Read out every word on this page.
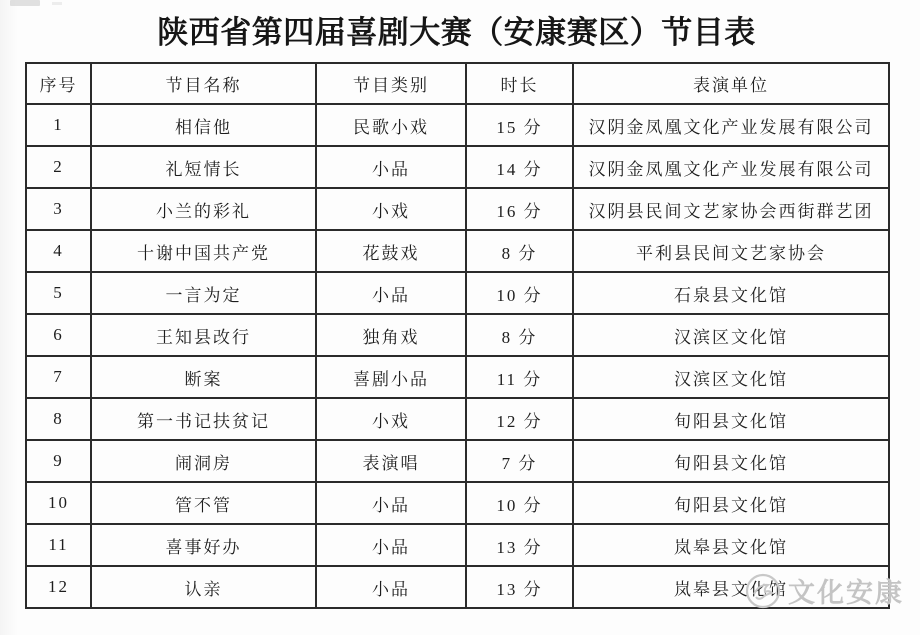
陕西省第四届喜剧大赛（安康赛区）节目表
序号	节目名称	节目类别	时长	表演单位
1	相信他	民歌小戏	15 分	汉阴金凤凰文化产业发展有限公司
2	礼短情长	小品	14 分	汉阴金凤凰文化产业发展有限公司
3	小兰的彩礼	小戏	16 分	汉阴县民间文艺家协会西街群艺团
4	十谢中国共产党	花鼓戏	8 分	平利县民间文艺家协会
5	一言为定	小品	10 分	石泉县文化馆
6	王知县改行	独角戏	8 分	汉滨区文化馆
7	断案	喜剧小品	11 分	汉滨区文化馆
8	第一书记扶贫记	小戏	12 分	旬阳县文化馆
9	闹洞房	表演唱	7 分	旬阳县文化馆
10	管不管	小品	10 分	旬阳县文化馆
11	喜事好办	小品	13 分	岚皋县文化馆
12	认亲	小品	13 分	岚皋县文化馆 文化安康
